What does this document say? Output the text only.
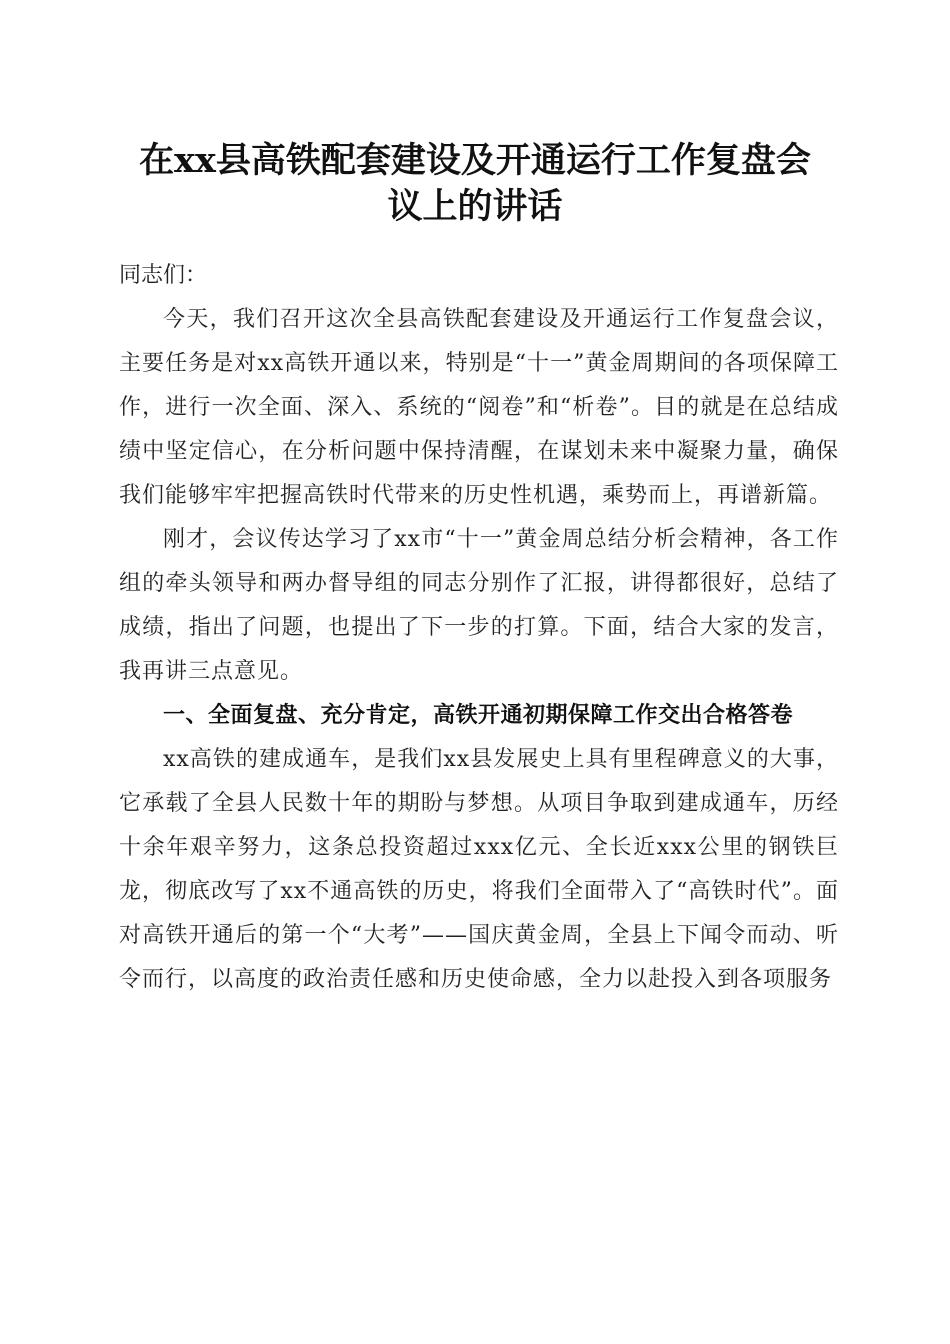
在xx县高铁配套建设及开通运行工作复盘会
议上的讲话

同志们：

今天，我们召开这次全县高铁配套建设及开通运行工作复盘会议，主要任务是对xx高铁开通以来，特别是“十一”黄金周期间的各项保障工作，进行一次全面、深入、系统的“阅卷”和“析卷”。目的就是在总结成绩中坚定信心，在分析问题中保持清醒，在谋划未来中凝聚力量，确保我们能够牢牢把握高铁时代带来的历史性机遇，乘势而上，再谱新篇。

刚才，会议传达学习了xx市“十一”黄金周总结分析会精神，各工作组的牵头领导和两办督导组的同志分别作了汇报，讲得都很好，总结了成绩，指出了问题，也提出了下一步的打算。下面，结合大家的发言，我再讲三点意见。

一、全面复盘、充分肯定，高铁开通初期保障工作交出合格答卷

xx高铁的建成通车，是我们xx县发展史上具有里程碑意义的大事，它承载了全县人民数十年的期盼与梦想。从项目争取到建成通车，历经十余年艰辛努力，这条总投资超过xxx亿元、全长近xxx公里的钢铁巨龙，彻底改写了xx不通高铁的历史，将我们全面带入了“高铁时代”。面对高铁开通后的第一个“大考”——国庆黄金周，全县上下闻令而动、听令而行，以高度的政治责任感和历史使命感，全力以赴投入到各项服务
